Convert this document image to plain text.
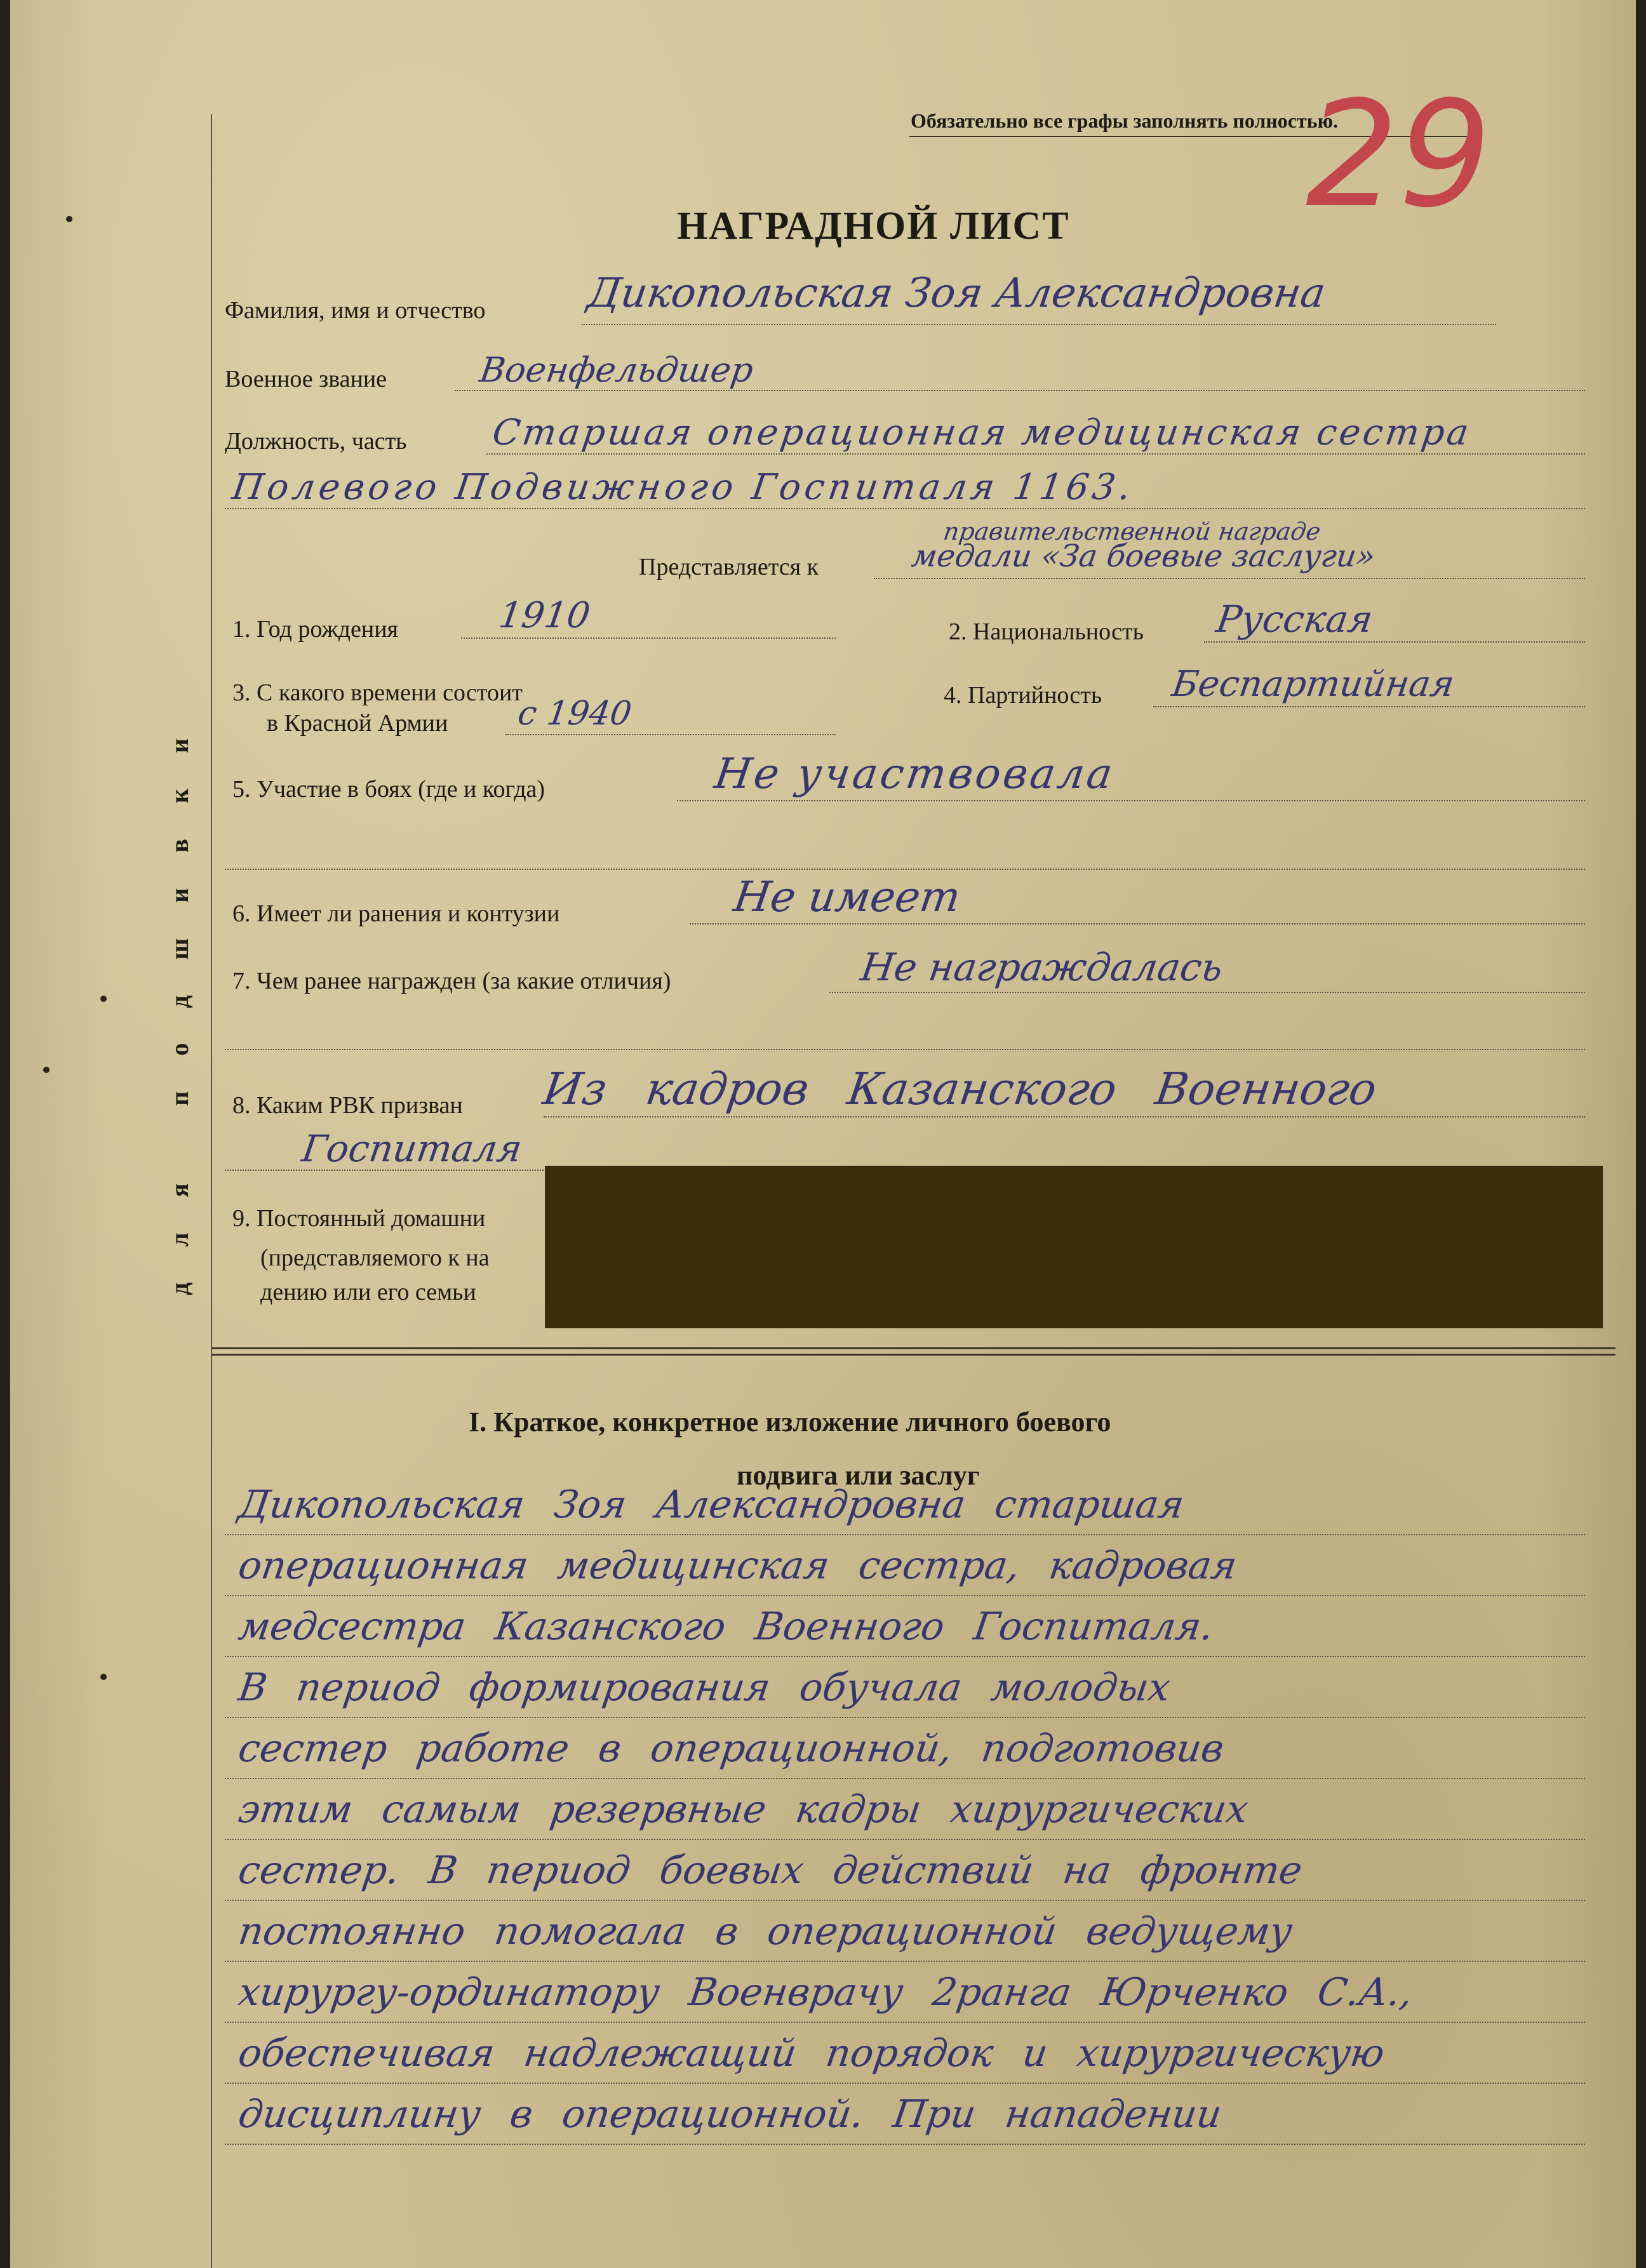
для подшивки
Обязательно все графы заполнять полностью.
29
НАГРАДНОЙ ЛИСТ
Фамилия, имя и отчество Дикопольская Зоя Александровна
Военное звание	Военфельдшер
Должность, часть Старшая операционная медицинская сестра
Полевого Подвижного Госпиталя 1163.
правительственной награде
Представляется к	медали «За боевые заслуги»
1. Год рождения	1910	2. Национальность Русская
3. С какого времени состоит
в Красной Армии с 1940	4. Партийность Беспартийная
5. Участие в боях (где и когда)	Не участвовала
6. Имеет ли ранения и контузии	Не имеет
7. Чем ранее награжден (за какие отличия)	Не награждалась
8. Каким РВК призван Из кадров Казанского Военного
Госпиталя
9. Постоянный домашни
(представляемого к на
дению или его семьи
I. Краткое, конкретное изложение личного боевого
подвига или заслуг
Дикопольская Зоя Александровна старшая
операционная медицинская сестра, кадровая
медсестра Казанского Военного Госпиталя.
В период формирования обучала молодых
сестер работе в операционной, подготовив
этим самым резервные кадры хирургических
сестер. В период боевых действий на фронте
постоянно помогала в операционной ведущему
хирургу-ординатору Военврачу 2ранга Юрченко С.А.,
обеспечивая надлежащий порядок и хирургическую
дисциплину в операционной. При нападении
